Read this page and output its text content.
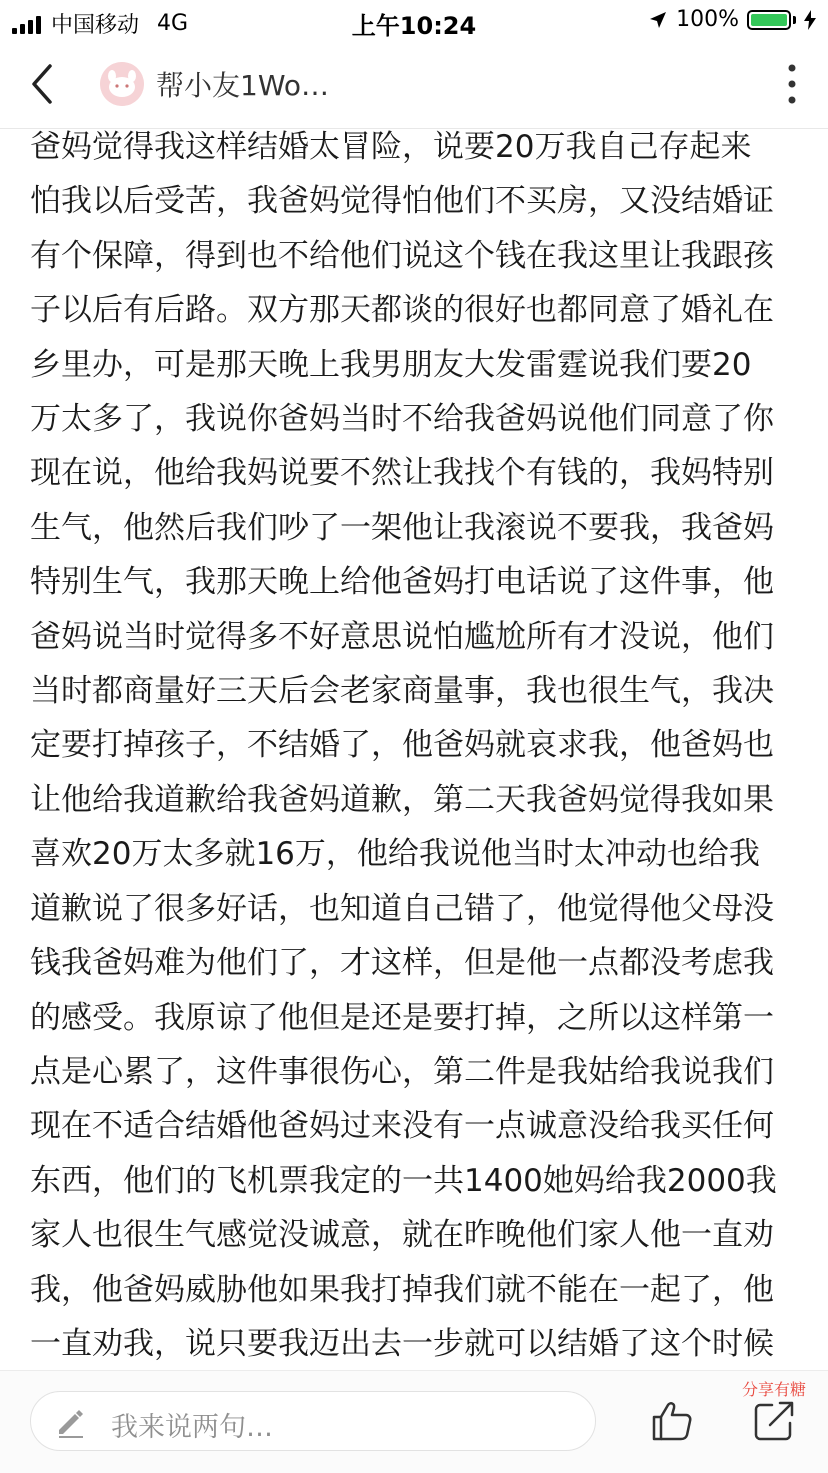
中国移动 4G	上午10:24	100%
帮小友1Wo…

爸妈觉得我这样结婚太冒险，说要20万我自己存起来

怕我以后受苦，我爸妈觉得怕他们不买房，又没结婚证

有个保障，得到也不给他们说这个钱在我这里让我跟孩

子以后有后路。双方那天都谈的很好也都同意了婚礼在

乡里办，可是那天晚上我男朋友大发雷霆说我们要20

万太多了，我说你爸妈当时不给我爸妈说他们同意了你

现在说，他给我妈说要不然让我找个有钱的，我妈特别

生气，他然后我们吵了一架他让我滚说不要我，我爸妈

特别生气，我那天晚上给他爸妈打电话说了这件事，他

爸妈说当时觉得多不好意思说怕尴尬所有才没说，他们

当时都商量好三天后会老家商量事，我也很生气，我决

定要打掉孩子，不结婚了，他爸妈就哀求我，他爸妈也

让他给我道歉给我爸妈道歉，第二天我爸妈觉得我如果

喜欢20万太多就16万，他给我说他当时太冲动也给我

道歉说了很多好话，也知道自己错了，他觉得他父母没

钱我爸妈难为他们了，才这样，但是他一点都没考虑我

的感受。我原谅了他但是还是要打掉，之所以这样第一

点是心累了，这件事很伤心，第二件是我姑给我说我们

现在不适合结婚他爸妈过来没有一点诚意没给我买任何

东西，他们的飞机票我定的一共1400她妈给我2000我

家人也很生气感觉没诚意，就在昨晚他们家人他一直劝

我，他爸妈威胁他如果我打掉我们就不能在一起了，他

一直劝我，说只要我迈出去一步就可以结婚了这个时候

分享有糖
我来说两句…
